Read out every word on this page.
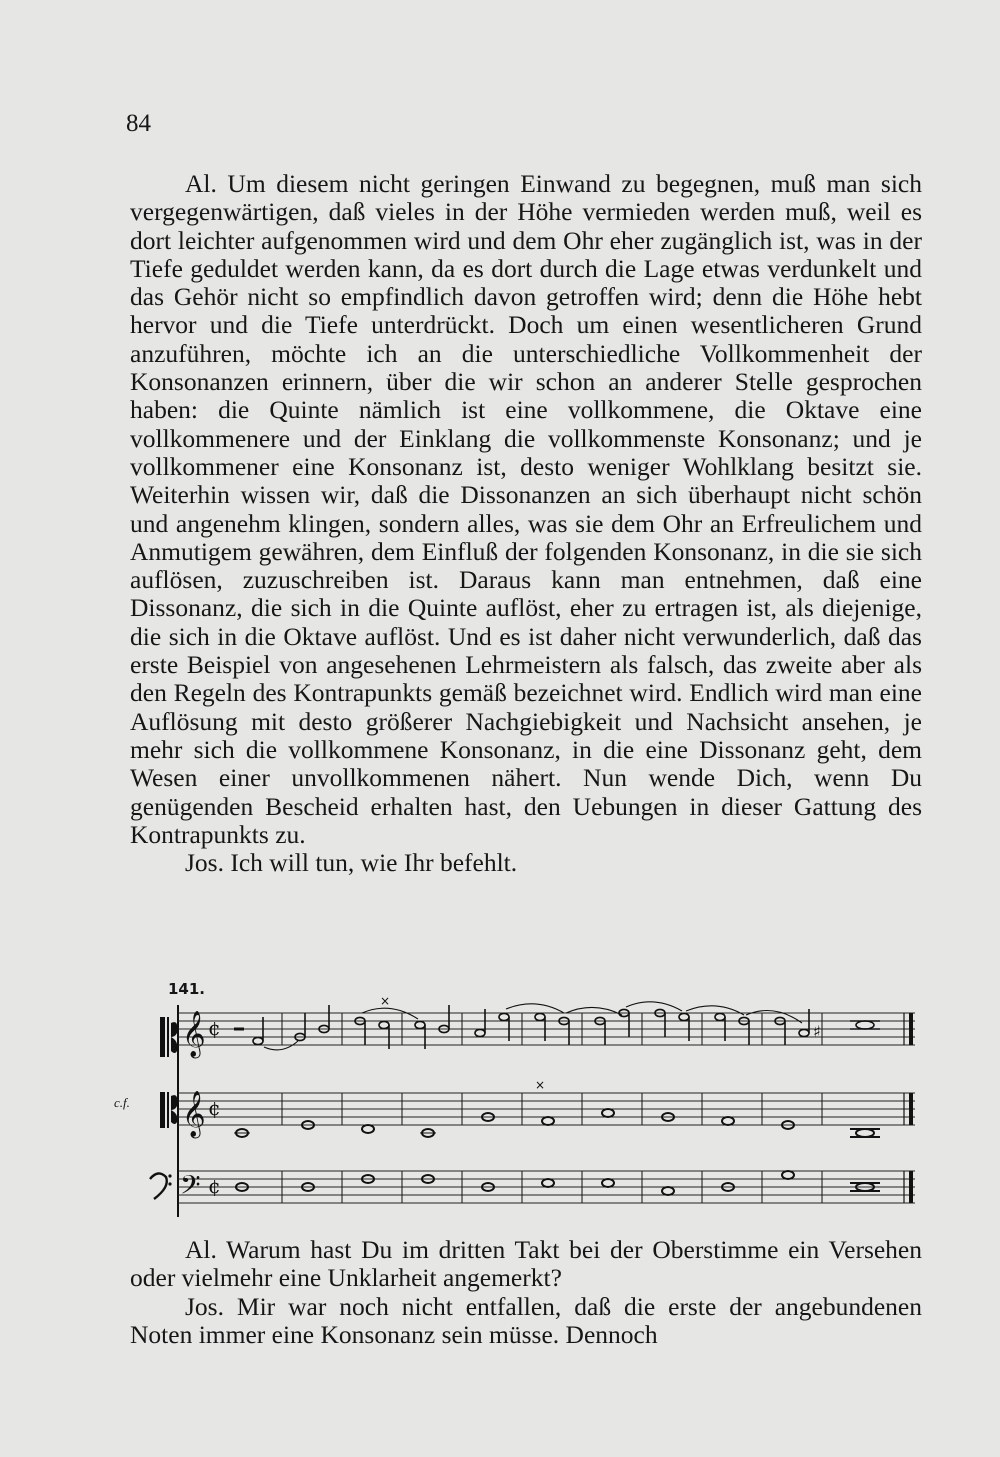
84

Al. Um diesem nicht geringen Einwand zu begegnen, muß man sich vergegenwärtigen, daß vieles in der Höhe vermieden werden muß, weil es dort leichter aufgenommen wird und dem Ohr eher zugänglich ist, was in der Tiefe geduldet werden kann, da es dort durch die Lage etwas verdunkelt und das Gehör nicht so empfindlich davon getroffen wird; denn die Höhe hebt hervor und die Tiefe unterdrückt. Doch um einen wesentlicheren Grund anzuführen, möchte ich an die unterschiedliche Vollkommenheit der Konsonanzen erinnern, über die wir schon an anderer Stelle gesprochen haben: die Quinte nämlich ist eine vollkommene, die Oktave eine vollkommenere und der Einklang die vollkommenste Konsonanz; und je vollkommener eine Konsonanz ist, desto weniger Wohlklang besitzt sie. Weiterhin wissen wir, daß die Dissonanzen an sich überhaupt nicht schön und angenehm klingen, sondern alles, was sie dem Ohr an Erfreulichem und Anmutigem gewähren, dem Einfluß der folgenden Konsonanz, in die sie sich auflösen, zuzuschreiben ist. Daraus kann man entnehmen, daß eine Dissonanz, die sich in die Quinte auflöst, eher zu ertragen ist, als diejenige, die sich in die Oktave auflöst. Und es ist daher nicht verwunderlich, daß das erste Beispiel von angesehenen Lehrmeistern als falsch, das zweite aber als den Regeln des Kontrapunkts gemäß bezeichnet wird. Endlich wird man eine Auflösung mit desto größerer Nachgiebigkeit und Nachsicht ansehen, je mehr sich die vollkommene Konsonanz, in die eine Dissonanz geht, dem Wesen einer unvollkommenen nähert. Nun wende Dich, wenn Du genügenden Bescheid erhalten hast, den Uebungen in dieser Gattung des Kontrapunkts zu.

Jos. Ich will tun, wie Ihr befehlt.

141.
c.f.
𝄞
𝄞
𝄢
¢
¢
¢
×
×
♯

Al. Warum hast Du im dritten Takt bei der Oberstimme ein Versehen oder vielmehr eine Unklarheit angemerkt?

Jos. Mir war noch nicht entfallen, daß die erste der angebundenen Noten immer eine Konsonanz sein müsse. Dennoch
